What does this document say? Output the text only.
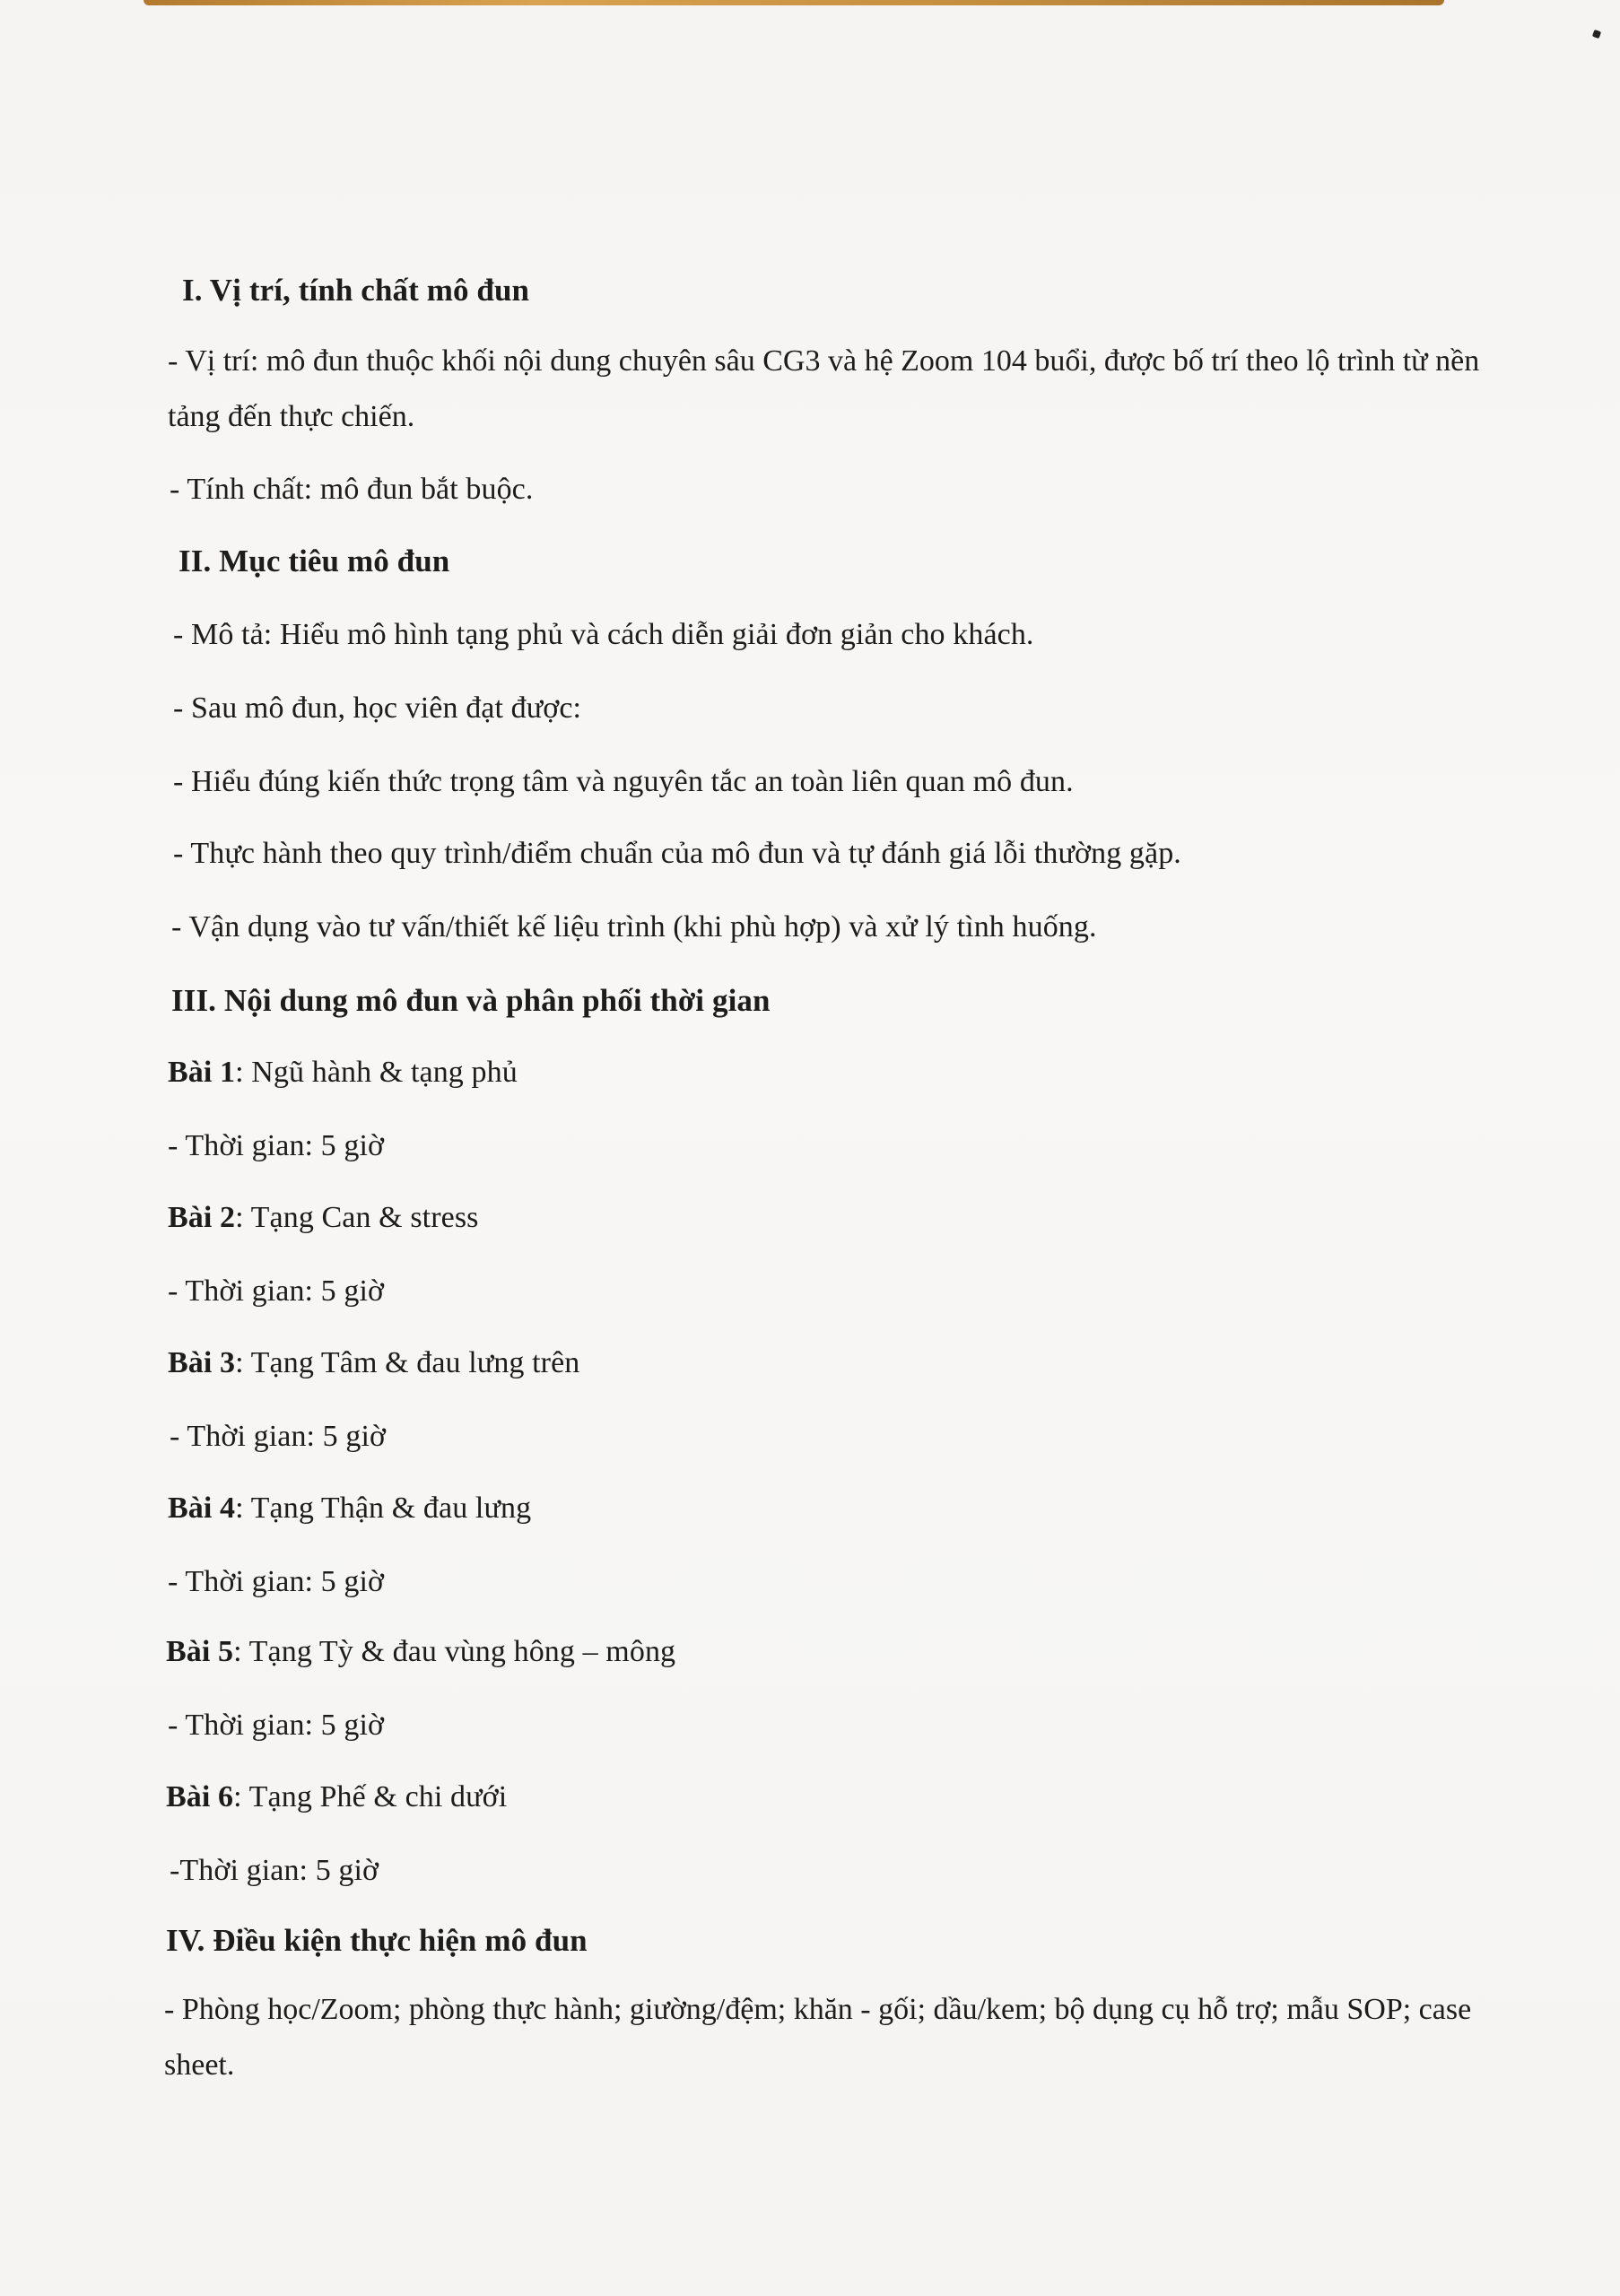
I. Vị trí, tính chất mô đun
- Vị trí: mô đun thuộc khối nội dung chuyên sâu CG3 và hệ Zoom 104 buổi, được bố trí theo lộ trình từ nền tảng đến thực chiến.
- Tính chất: mô đun bắt buộc.
II. Mục tiêu mô đun
- Mô tả: Hiểu mô hình tạng phủ và cách diễn giải đơn giản cho khách.
- Sau mô đun, học viên đạt được:
- Hiểu đúng kiến thức trọng tâm và nguyên tắc an toàn liên quan mô đun.
- Thực hành theo quy trình/điểm chuẩn của mô đun và tự đánh giá lỗi thường gặp.
- Vận dụng vào tư vấn/thiết kế liệu trình (khi phù hợp) và xử lý tình huống.
III. Nội dung mô đun và phân phối thời gian
Bài 1: Ngũ hành & tạng phủ
- Thời gian: 5 giờ
Bài 2: Tạng Can & stress
- Thời gian: 5 giờ
Bài 3: Tạng Tâm & đau lưng trên
- Thời gian: 5 giờ
Bài 4: Tạng Thận & đau lưng
- Thời gian: 5 giờ
Bài 5: Tạng Tỳ & đau vùng hông – mông
- Thời gian: 5 giờ
Bài 6: Tạng Phế & chi dưới
-Thời gian: 5 giờ
IV. Điều kiện thực hiện mô đun
- Phòng học/Zoom; phòng thực hành; giường/đệm; khăn - gối; dầu/kem; bộ dụng cụ hỗ trợ; mẫu SOP; case sheet.
